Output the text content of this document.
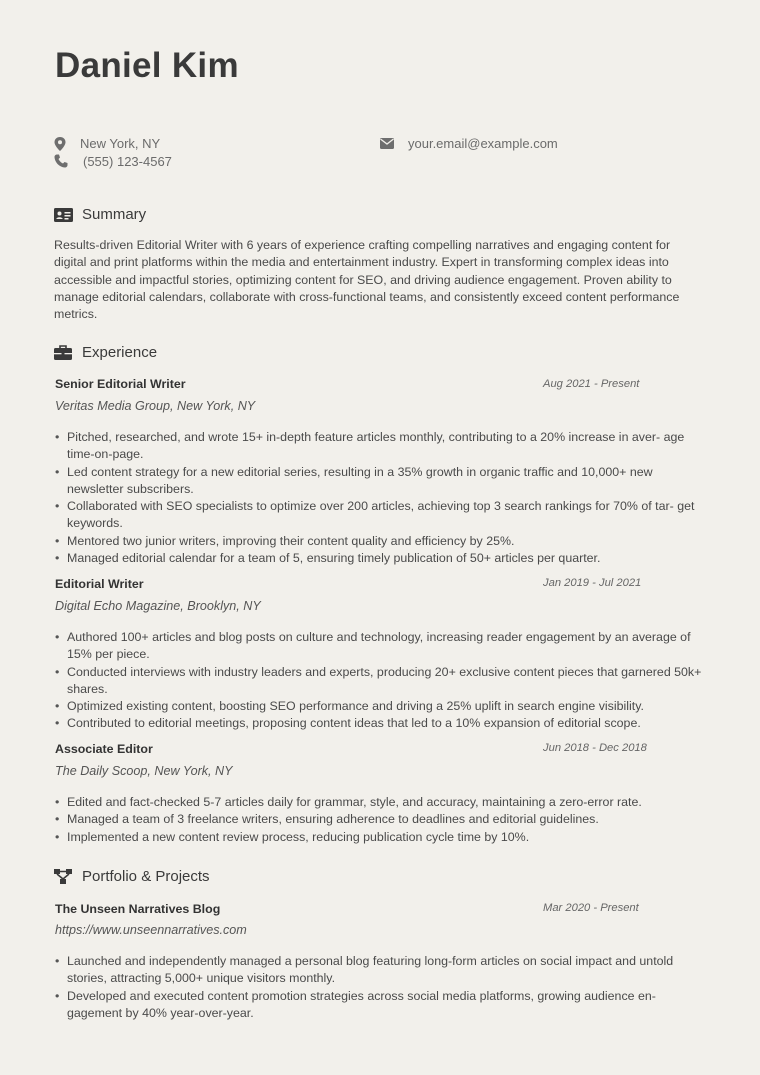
Daniel Kim
New York, NY	your.email@example.com
(555) 123-4567
Summary
Results-driven Editorial Writer with 6 years of experience crafting compelling narratives and engaging content for digital and print platforms within the media and entertainment industry. Expert in transforming complex ideas into accessible and impactful stories, optimizing content for SEO, and driving audience engagement. Proven ability to manage editorial calendars, collaborate with cross-functional teams, and consistently exceed content performance metrics.
Experience
Senior Editorial Writer	Aug 2021 - Present
Veritas Media Group, New York, NY
• Pitched, researched, and wrote 15+ in-depth feature articles monthly, contributing to a 20% increase in aver- age time-on-page.
• Led content strategy for a new editorial series, resulting in a 35% growth in organic traffic and 10,000+ new newsletter subscribers.
• Collaborated with SEO specialists to optimize over 200 articles, achieving top 3 search rankings for 70% of tar- get keywords.
• Mentored two junior writers, improving their content quality and efficiency by 25%.
• Managed editorial calendar for a team of 5, ensuring timely publication of 50+ articles per quarter.
Editorial Writer	Jan 2019 - Jul 2021
Digital Echo Magazine, Brooklyn, NY
• Authored 100+ articles and blog posts on culture and technology, increasing reader engagement by an average of 15% per piece.
• Conducted interviews with industry leaders and experts, producing 20+ exclusive content pieces that garnered 50k+ shares.
• Optimized existing content, boosting SEO performance and driving a 25% uplift in search engine visibility.
• Contributed to editorial meetings, proposing content ideas that led to a 10% expansion of editorial scope.
Associate Editor	Jun 2018 - Dec 2018
The Daily Scoop, New York, NY
• Edited and fact-checked 5-7 articles daily for grammar, style, and accuracy, maintaining a zero-error rate.
• Managed a team of 3 freelance writers, ensuring adherence to deadlines and editorial guidelines.
• Implemented a new content review process, reducing publication cycle time by 10%.
Portfolio & Projects
The Unseen Narratives Blog	Mar 2020 - Present
https://www.unseennarratives.com
• Launched and independently managed a personal blog featuring long-form articles on social impact and untold stories, attracting 5,000+ unique visitors monthly.
• Developed and executed content promotion strategies across social media platforms, growing audience en- gagement by 40% year-over-year.
